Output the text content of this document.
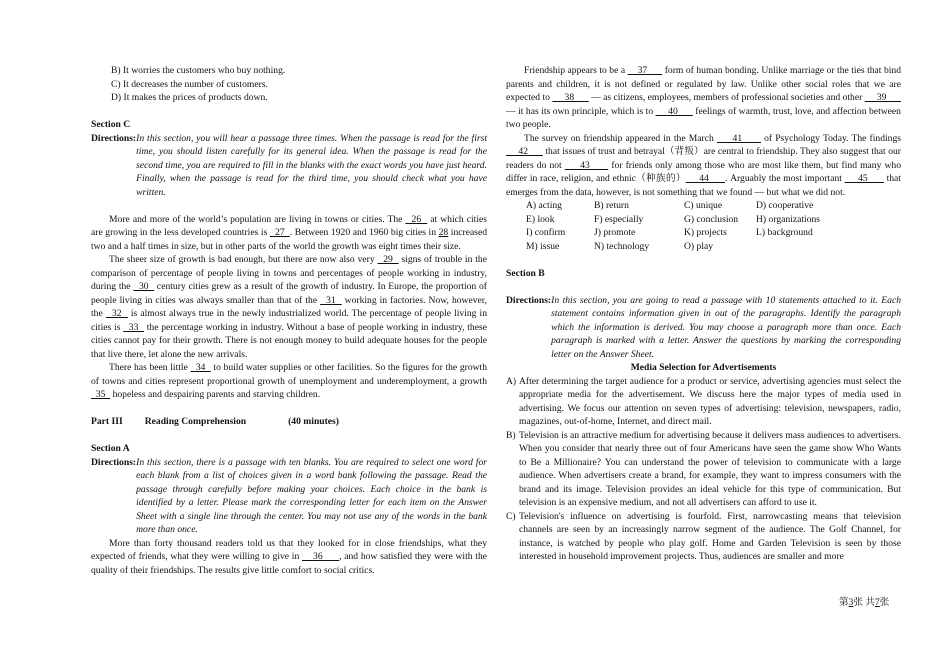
B) It worries the customers who buy nothing.

C) It decreases the number of customers.

D) It makes the prices of products down.

Section C

Directions: In this section, you will hear a passage three times. When the passage is read for the first time, you should listen carefully for its general idea. When the passage is read for the second time, you are required to fill in the blanks with the exact words you have just heard. Finally, when the passage is read for the third time, you should check what you have written.

More and more of the world’s population are living in towns or cities. The   26   at which cities are growing in the less developed countries is   27  . Between 1920 and 1960 big cities in 28 increased two and a half times in size, but in other parts of the world the growth was eight times their size.

The sheer size of growth is bad enough, but there are now also very   29   signs of trouble in the comparison of percentage of people living in towns and percentages of people working in industry, during the   30   century cities grew as a result of the growth of industry. In Europe, the proportion of people living in cities was always smaller than that of the   31   working in factories. Now, however, the   32   is almost always true in the newly industrialized world. The percentage of people living in cities is   33   the percentage working in industry. Without a base of people working in industry, these cities cannot pay for their growth. There is not enough money to build adequate houses for the people that live there, let alone the new arrivals.

There has been little   34   to build water supplies or other facilities. So the figures for the growth of towns and cities represent proportional growth of unemployment and underemployment, a growth   35   hopeless and despairing parents and starving children.

Part III Reading Comprehension	(40 minutes)

Section A

Directions: In this section, there is a passage with ten blanks. You are required to select one word for each blank from a list of choices given in a word bank following the passage. Read the passage through carefully before making your choices. Each choice in the bank is identified by a letter. Please mark the corresponding letter for each item on the Answer Sheet with a single line through the center. You may not use any of the words in the bank more than once.

More than forty thousand readers told us that they looked for in close friendships, what they expected of friends, what they were willing to give in     36      , and how satisfied they were with the quality of their friendships. The results give little comfort to social critics.

Friendship appears to be a     37       form of human bonding. Unlike marriage or the ties that bind parents and children, it is not defined or regulated by law. Unlike other social roles that we are expected to      38       — as citizens, employees, members of professional societies and other      39       — it has its own principle, which is to      40       feelings of warmth, trust, love, and affection between two people.

The survey on friendship appeared in the March      41       of Psychology Today. The findings      42       that issues of trust and betrayal（背叛）are central to friendship. They also suggest that our readers do not      43       for friends only among those who are most like them, but find many who differ in race, religion, and ethnic（种族的）     44      . Arguably the most important      45       that emerges from the data, however, is not something that we found — but what we did not.

A) acting	B) return	C) unique	D) cooperative
E) look	F) especially	G) conclusion	H) organizations
I) confirm	J) promote	K) projects	L) background
M) issue	N) technology	O) play

Section B

Directions: In this section, you are going to read a passage with 10 statements attached to it. Each statement contains information given in out of the paragraphs. Identify the paragraph which the information is derived. You may choose a paragraph more than once. Each paragraph is marked with a letter. Answer the questions by marking the corresponding letter on the Answer Sheet.

Media Selection for Advertisements

A) After determining the target audience for a product or service, advertising agencies must select the appropriate media for the advertisement. We discuss here the major types of media used in advertising. We focus our attention on seven types of advertising: television, newspapers, radio, magazines, out-of-home, Internet, and direct mail.
B) Television is an attractive medium for advertising because it delivers mass audiences to advertisers. When you consider that nearly three out of four Americans have seen the game show Who Wants to Be a Millionaire? You can understand the power of television to communicate with a large audience. When advertisers create a brand, for example, they want to impress consumers with the brand and its image. Television provides an ideal vehicle for this type of communication. But television is an expensive medium, and not all advertisers can afford to use it.
C) Television's influence on advertising is fourfold. First, narrowcasting means that television channels are seen by an increasingly narrow segment of the audience. The Golf Channel, for instance, is watched by people who play golf. Home and Garden Television is seen by those interested in household improvement projects. Thus, audiences are smaller and more
第3张 共7张
